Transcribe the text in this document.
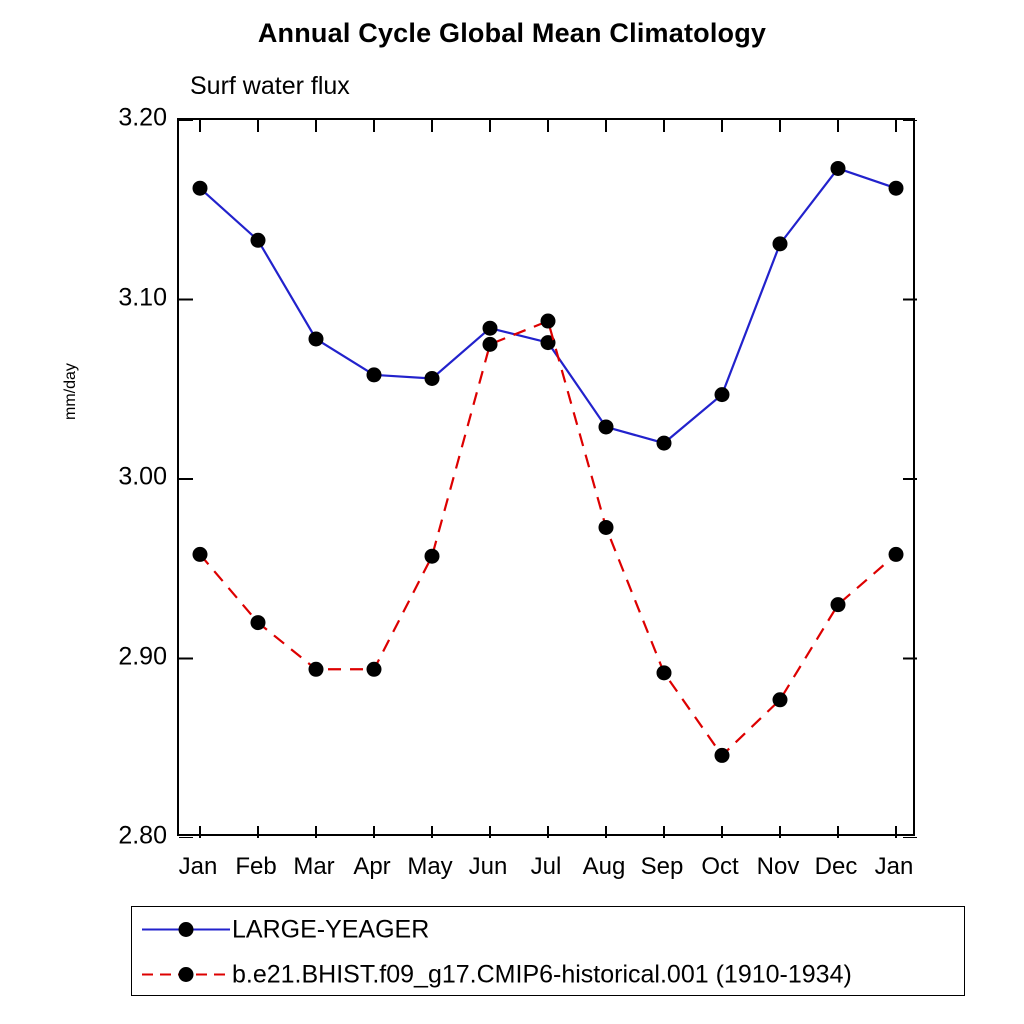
Annual Cycle Global Mean Climatology
Surf water flux
mm/day
2.80
2.90
3.00
3.10
3.20
Jan Feb Mar Apr May Jun Jul Aug Sep Oct Nov Dec Jan
LARGE-YEAGER
b.e21.BHIST.f09_g17.CMIP6-historical.001 (1910-1934)
